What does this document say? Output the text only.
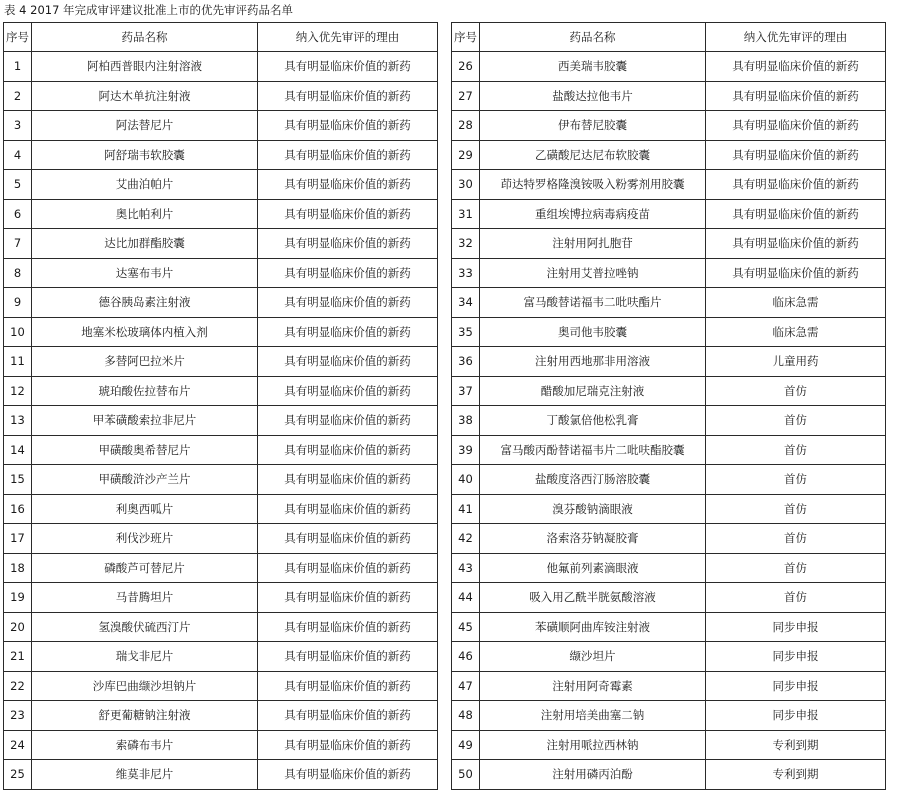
表 4 2017 年完成审评建议批准上市的优先审评药品名单
序号	药品名称	纳入优先审评的理由
1	阿柏西普眼内注射溶液	具有明显临床价值的新药
2	阿达木单抗注射液	具有明显临床价值的新药
3	阿法替尼片	具有明显临床价值的新药
4	阿舒瑞韦软胶囊	具有明显临床价值的新药
5	艾曲泊帕片	具有明显临床价值的新药
6	奥比帕利片	具有明显临床价值的新药
7	达比加群酯胶囊	具有明显临床价值的新药
8	达塞布韦片	具有明显临床价值的新药
9	德谷胰岛素注射液	具有明显临床价值的新药
10	地塞米松玻璃体内植入剂	具有明显临床价值的新药
11	多替阿巴拉米片	具有明显临床价值的新药
12	琥珀酸佐拉替布片	具有明显临床价值的新药
13	甲苯磺酸索拉非尼片	具有明显临床价值的新药
14	甲磺酸奥希替尼片	具有明显临床价值的新药
15	甲磺酸浒沙产兰片	具有明显临床价值的新药
16	利奥西呱片	具有明显临床价值的新药
17	利伐沙班片	具有明显临床价值的新药
18	磷酸芦可替尼片	具有明显临床价值的新药
19	马昔腾坦片	具有明显临床价值的新药
20	氢溴酸伏硫西汀片	具有明显临床价值的新药
21	瑞戈非尼片	具有明显临床价值的新药
22	沙库巴曲缬沙坦钠片	具有明显临床价值的新药
23	舒更葡糖钠注射液	具有明显临床价值的新药
24	索磷布韦片	具有明显临床价值的新药
25	维莫非尼片	具有明显临床价值的新药
序号	药品名称	纳入优先审评的理由
26	西美瑞韦胶囊	具有明显临床价值的新药
27	盐酸达拉他韦片	具有明显临床价值的新药
28	伊布替尼胶囊	具有明显临床价值的新药
29	乙磺酸尼达尼布软胶囊	具有明显临床价值的新药
30	茚达特罗格隆溴铵吸入粉雾剂用胶囊	具有明显临床价值的新药
31	重组埃博拉病毒病疫苗	具有明显临床价值的新药
32	注射用阿扎胞苷	具有明显临床价值的新药
33	注射用艾普拉唑钠	具有明显临床价值的新药
34	富马酸替诺福韦二吡呋酯片	临床急需
35	奥司他韦胶囊	临床急需
36	注射用西地那非用溶液	儿童用药
37	醋酸加尼瑞克注射液	首仿
38	丁酸氯倍他松乳膏	首仿
39	富马酸丙酚替诺福韦片二吡呋酯胶囊	首仿
40	盐酸度洛西汀肠溶胶囊	首仿
41	溴芬酸钠滴眼液	首仿
42	洛索洛芬钠凝胶膏	首仿
43	他氟前列素滴眼液	首仿
44	吸入用乙酰半胱氨酸溶液	首仿
45	苯磺顺阿曲库铵注射液	同步申报
46	缬沙坦片	同步申报
47	注射用阿奇霉素	同步申报
48	注射用培美曲塞二钠	同步申报
49	注射用哌拉西林钠	专利到期
50	注射用磷丙泊酚	专利到期
